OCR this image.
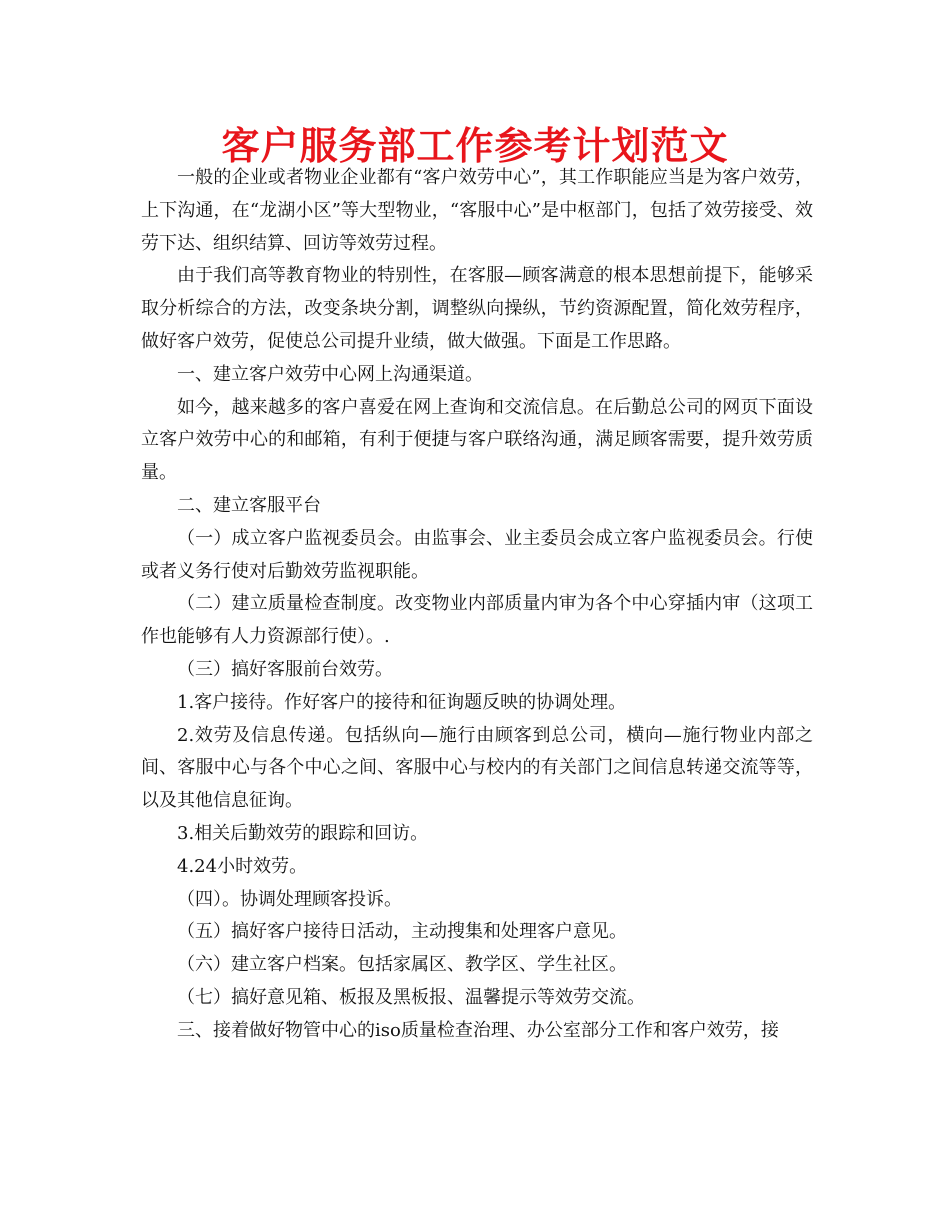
客户服务部工作参考计划范文

一般的企业或者物业企业都有“客户效劳中心”，其工作职能应当是为客户效劳，上下沟通，在“龙湖小区”等大型物业，“客服中心”是中枢部门，包括了效劳接受、效劳下达、组织结算、回访等效劳过程。

由于我们高等教育物业的特别性，在客服—顾客满意的根本思想前提下，能够采取分析综合的方法，改变条块分割，调整纵向操纵，节约资源配置，简化效劳程序，做好客户效劳，促使总公司提升业绩，做大做强。下面是工作思路。

一、建立客户效劳中心网上沟通渠道。

如今，越来越多的客户喜爱在网上查询和交流信息。在后勤总公司的网页下面设立客户效劳中心的和邮箱，有利于便捷与客户联络沟通，满足顾客需要，提升效劳质量。

二、建立客服平台

（一）成立客户监视委员会。由监事会、业主委员会成立客户监视委员会。行使或者义务行使对后勤效劳监视职能。

（二）建立质量检查制度。改变物业内部质量内审为各个中心穿插内审（这项工作也能够有人力资源部行使）。.

（三）搞好客服前台效劳。

1.客户接待。作好客户的接待和征询题反映的协调处理。

2.效劳及信息传递。包括纵向—施行由顾客到总公司，横向—施行物业内部之间、客服中心与各个中心之间、客服中心与校内的有关部门之间信息转递交流等等，以及其他信息征询。

3.相关后勤效劳的跟踪和回访。

4.24小时效劳。

（四）。协调处理顾客投诉。

（五）搞好客户接待日活动，主动搜集和处理客户意见。

（六）建立客户档案。包括家属区、教学区、学生社区。

（七）搞好意见箱、板报及黑板报、温馨提示等效劳交流。

三、接着做好物管中心的iso质量检查治理、办公室部分工作和客户效劳，接
